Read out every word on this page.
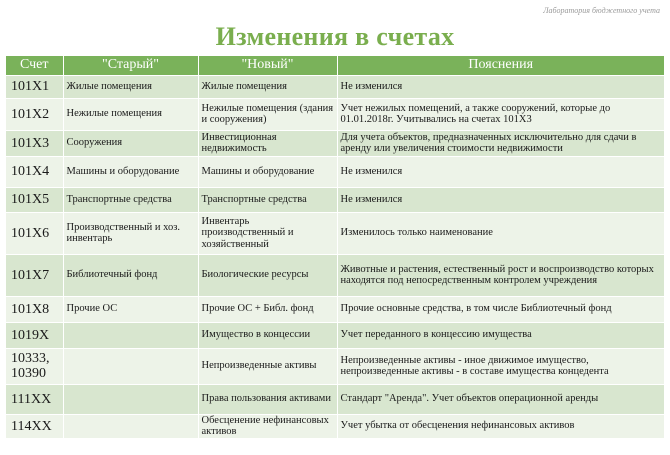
Лаборатория бюджетного учета
Изменения в счетах
Счет	"Старый"	"Новый"	Пояснения
101Х1	Жилые помещения	Жилые помещения	Не изменился
101Х2	Нежилые помещения	Нежилые помещения (здания и сооружения)	Учет нежилых помещений, а также сооружений, которые до 01.01.2018г. Учитывались на счетах 101Х3
101Х3	Сооружения	Инвестиционная недвижимость	Для учета объектов, предназначенных исключительно для сдачи в аренду или увеличения стоимости недвижимости
101Х4	Машины и оборудование	Машины и оборудование	Не изменился
101Х5	Транспортные средства	Транспортные средства	Не изменился
101Х6	Производственный и хоз. инвентарь	Инвентарь производственный и хозяйственный	Изменилось только наименование
101Х7	Библиотечный фонд	Биологические ресурсы	Животные и растения, естественный рост и воспроизводство которых находятся под непосредственным контролем учреждения
101Х8	Прочие ОС	Прочие ОС + Библ. фонд	Прочие основные средства, в том числе Библиотечный фонд
1019Х		Имущество в концессии	Учет переданного в концессию имущества
10333, 10390		Непроизведенные активы	Непроизведенные активы - иное движимое имущество, непроизведенные активы - в составе имущества концедента
111ХХ		Права пользования активами	Стандарт "Аренда". Учет объектов операционной аренды
114ХХ		Обесценение нефинансовых активов	Учет убытка от обесценения нефинансовых активов
